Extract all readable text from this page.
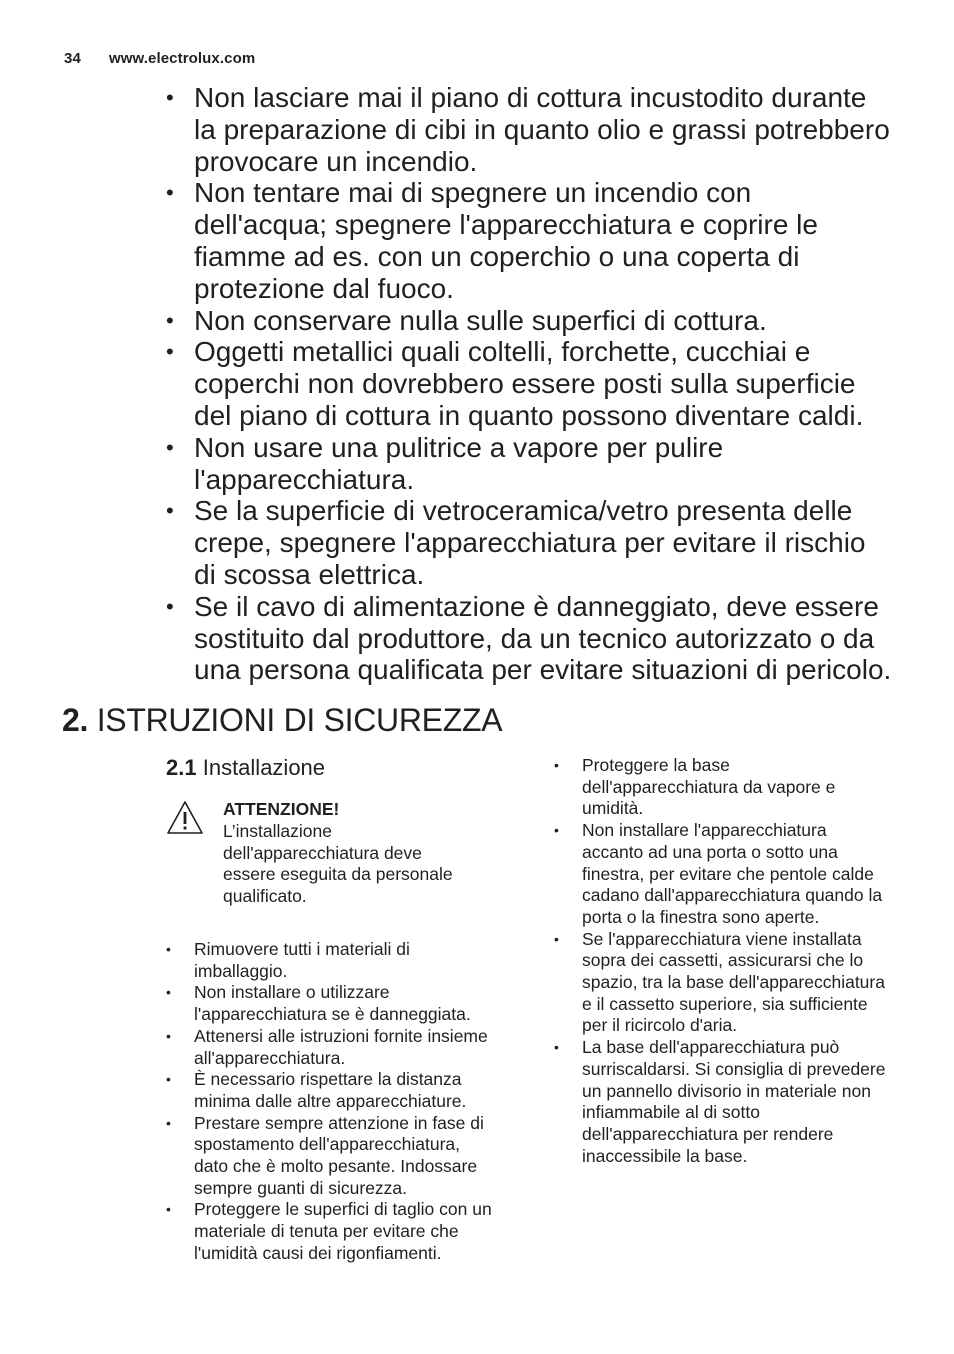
34 www.electrolux.com
• Non lasciare mai il piano di cottura incustodito durante
la preparazione di cibi in quanto olio e grassi potrebbero
provocare un incendio.
• Non tentare mai di spegnere un incendio con
dell'acqua; spegnere l'apparecchiatura e coprire le
fiamme ad es. con un coperchio o una coperta di
protezione dal fuoco.
• Non conservare nulla sulle superfici di cottura.
• Oggetti metallici quali coltelli, forchette, cucchiai e
coperchi non dovrebbero essere posti sulla superficie
del piano di cottura in quanto possono diventare caldi.
• Non usare una pulitrice a vapore per pulire
l'apparecchiatura.
• Se la superficie di vetroceramica/vetro presenta delle
crepe, spegnere l'apparecchiatura per evitare il rischio
di scossa elettrica.
• Se il cavo di alimentazione è danneggiato, deve essere
sostituito dal produttore, da un tecnico autorizzato o da
una persona qualificata per evitare situazioni di pericolo.
2. ISTRUZIONI DI SICUREZZA
2.1 Installazione
ATTENZIONE!
L’installazione
dell'apparecchiatura deve
essere eseguita da personale
qualificato.
• Rimuovere tutti i materiali di
imballaggio.
• Non installare o utilizzare
l'apparecchiatura se è danneggiata.
• Attenersi alle istruzioni fornite insieme
all'apparecchiatura.
• È necessario rispettare la distanza
minima dalle altre apparecchiature.
• Prestare sempre attenzione in fase di
spostamento dell'apparecchiatura,
dato che è molto pesante. Indossare
sempre guanti di sicurezza.
• Proteggere le superfici di taglio con un
materiale di tenuta per evitare che
l'umidità causi dei rigonfiamenti.
• Proteggere la base
dell'apparecchiatura da vapore e
umidità.
• Non installare l'apparecchiatura
accanto ad una porta o sotto una
finestra, per evitare che pentole calde
cadano dall'apparecchiatura quando la
porta o la finestra sono aperte.
• Se l'apparecchiatura viene installata
sopra dei cassetti, assicurarsi che lo
spazio, tra la base dell'apparecchiatura
e il cassetto superiore, sia sufficiente
per il ricircolo d'aria.
• La base dell'apparecchiatura può
surriscaldarsi. Si consiglia di prevedere
un pannello divisorio in materiale non
infiammabile al di sotto
dell'apparecchiatura per rendere
inaccessibile la base.
